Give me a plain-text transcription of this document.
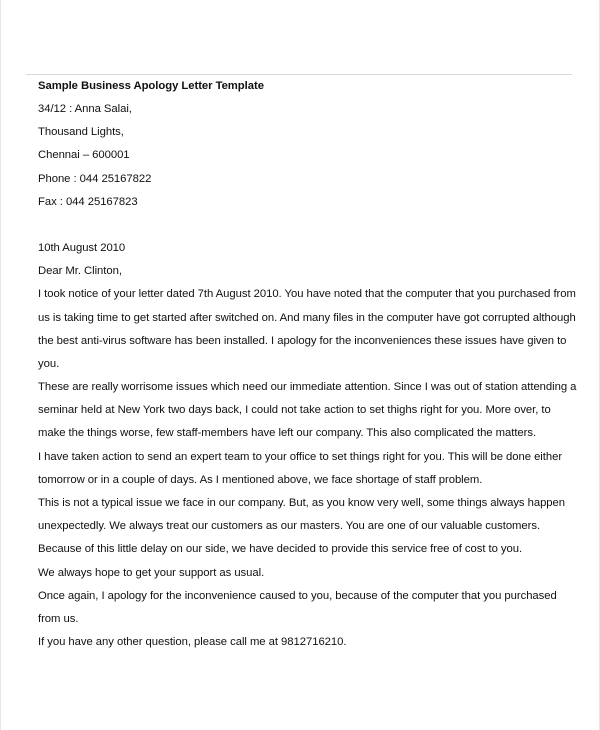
Sample Business Apology Letter Template
34/12 : Anna Salai,
Thousand Lights,
Chennai – 600001
Phone : 044 25167822
Fax : 044 25167823
10th August 2010
Dear Mr. Clinton,
I took notice of your letter dated 7th August 2010. You have noted that the computer that you purchased from
us is taking time to get started after switched on. And many files in the computer have got corrupted although
the best anti-virus software has been installed. I apology for the inconveniences these issues have given to
you.
These are really worrisome issues which need our immediate attention. Since I was out of station attending a
seminar held at New York two days back, I could not take action to set thighs right for you. More over, to
make the things worse, few staff-members have left our company. This also complicated the matters.
I have taken action to send an expert team to your office to set things right for you. This will be done either
tomorrow or in a couple of days. As I mentioned above, we face shortage of staff problem.
This is not a typical issue we face in our company. But, as you know very well, some things always happen
unexpectedly. We always treat our customers as our masters. You are one of our valuable customers.
Because of this little delay on our side, we have decided to provide this service free of cost to you.
We always hope to get your support as usual.
Once again, I apology for the inconvenience caused to you, because of the computer that you purchased
from us.
If you have any other question, please call me at 9812716210.
